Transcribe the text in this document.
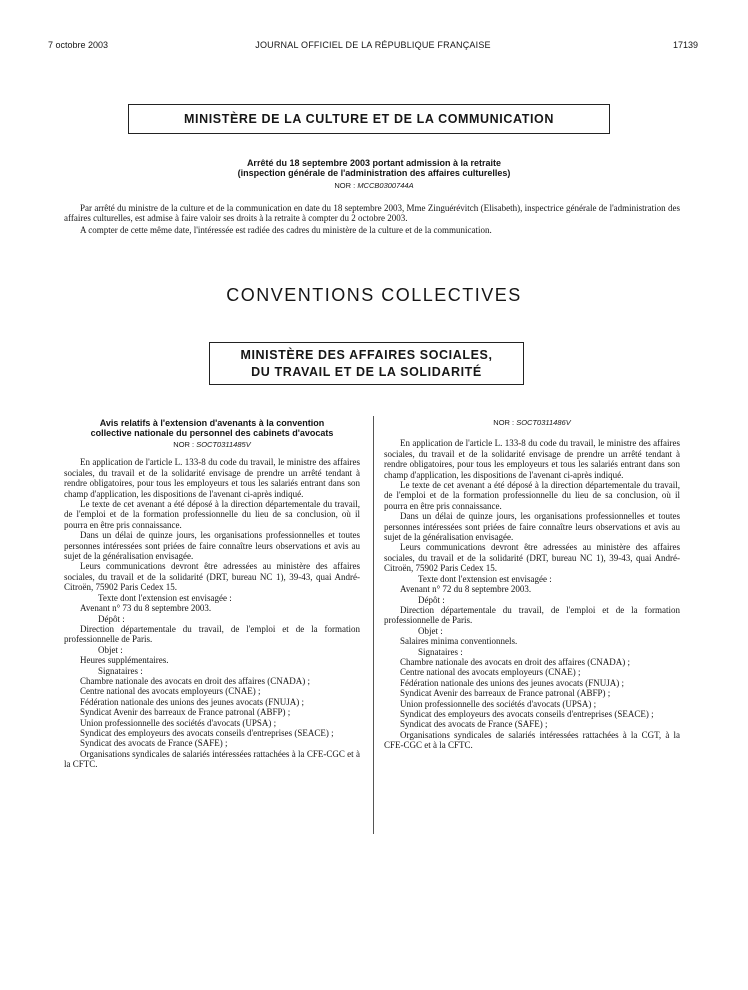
7 octobre 2003	JOURNAL OFFICIEL DE LA RÉPUBLIQUE FRANÇAISE	17139
MINISTÈRE DE LA CULTURE ET DE LA COMMUNICATION
Arrêté du 18 septembre 2003 portant admission à la retraite
(inspection générale de l'administration des affaires culturelles)
NOR : MCCB0300744A
Par arrêté du ministre de la culture et de la communication en date du 18 septembre 2003, Mme Zinguérévitch (Elisabeth), inspectrice générale de l'administration des affaires culturelles, est admise à faire valoir ses droits à la retraite à compter du 2 octobre 2003.
A compter de cette même date, l'intéressée est radiée des cadres du ministère de la culture et de la communication.
CONVENTIONS COLLECTIVES
MINISTÈRE DES AFFAIRES SOCIALES,
DU TRAVAIL ET DE LA SOLIDARITÉ

Avis relatifs à l'extension d'avenants à la convention

collective nationale du personnel des cabinets d'avocats

NOR : SOCT0311485V

En application de l'article L. 133-8 du code du travail, le ministre des affaires sociales, du travail et de la solidarité envisage de prendre un arrêté tendant à rendre obligatoires, pour tous les employeurs et tous les salariés entrant dans son champ d'application, les dispositions de l'avenant ci-après indiqué.

Le texte de cet avenant a été déposé à la direction départementale du travail, de l'emploi et de la formation professionnelle du lieu de sa conclusion, où il pourra en être pris connaissance.

Dans un délai de quinze jours, les organisations professionnelles et toutes personnes intéressées sont priées de faire connaître leurs observations et avis au sujet de la généralisation envisagée.

Leurs communications devront être adressées au ministère des affaires sociales, du travail et de la solidarité (DRT, bureau NC 1), 39-43, quai André-Citroën, 75902 Paris Cedex 15.

Texte dont l'extension est envisagée :

Avenant n° 73 du 8 septembre 2003.

Dépôt :

Direction départementale du travail, de l'emploi et de la formation professionnelle de Paris.

Objet :

Heures supplémentaires.

Signataires :

Chambre nationale des avocats en droit des affaires (CNADA) ;

Centre national des avocats employeurs (CNAE) ;

Fédération nationale des unions des jeunes avocats (FNUJA) ;

Syndicat Avenir des barreaux de France patronal (ABFP) ;

Union professionnelle des sociétés d'avocats (UPSA) ;

Syndicat des employeurs des avocats conseils d'entreprises (SEACE) ;

Syndicat des avocats de France (SAFE) ;

Organisations syndicales de salariés intéressées rattachées à la CFE-CGC et à la CFTC.

NOR : SOCT0311486V

En application de l'article L. 133-8 du code du travail, le ministre des affaires sociales, du travail et de la solidarité envisage de prendre un arrêté tendant à rendre obligatoires, pour tous les employeurs et tous les salariés entrant dans son champ d'application, les dispositions de l'avenant ci-après indiqué.

Le texte de cet avenant a été déposé à la direction départementale du travail, de l'emploi et de la formation professionnelle du lieu de sa conclusion, où il pourra en être pris connaissance.

Dans un délai de quinze jours, les organisations professionnelles et toutes personnes intéressées sont priées de faire connaître leurs observations et avis au sujet de la généralisation envisagée.

Leurs communications devront être adressées au ministère des affaires sociales, du travail et de la solidarité (DRT, bureau NC 1), 39-43, quai André-Citroën, 75902 Paris Cedex 15.

Texte dont l'extension est envisagée :

Avenant n° 72 du 8 septembre 2003.

Dépôt :

Direction départementale du travail, de l'emploi et de la formation professionnelle de Paris.

Objet :

Salaires minima conventionnels.

Signataires :

Chambre nationale des avocats en droit des affaires (CNADA) ;

Centre national des avocats employeurs (CNAE) ;

Fédération nationale des unions des jeunes avocats (FNUJA) ;

Syndicat Avenir des barreaux de France patronal (ABFP) ;

Union professionnelle des sociétés d'avocats (UPSA) ;

Syndicat des employeurs des avocats conseils d'entreprises (SEACE) ;

Syndicat des avocats de France (SAFE) ;

Organisations syndicales de salariés intéressées rattachées à la CGT, à la CFE-CGC et à la CFTC.
